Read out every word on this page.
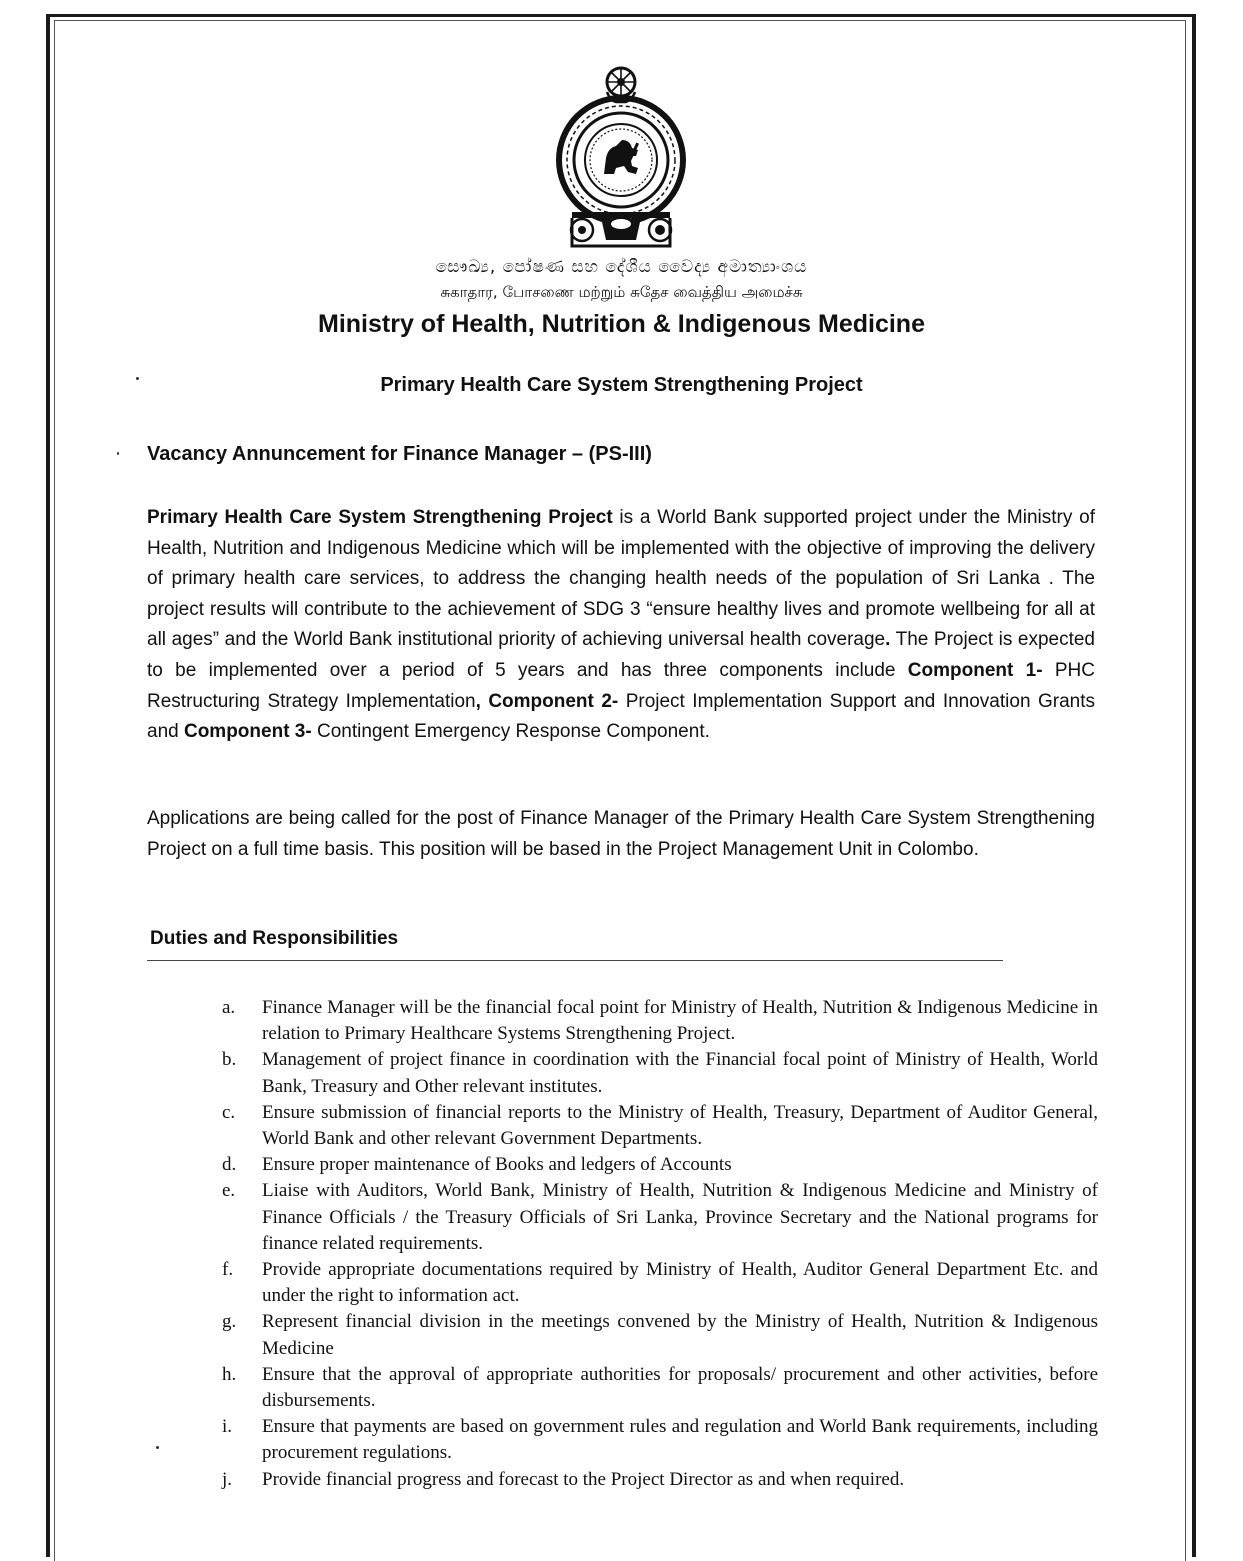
සෞඛ්‍ය, පෝෂණ සහ දේශීය වෛද්‍ය අමාත්‍යාංශය
சுகாதார, போசணை மற்றும் சுதேச வைத்திய அமைச்சு
Ministry of Health, Nutrition & Indigenous Medicine
Primary Health Care System Strengthening Project
Vacancy Annuncement for Finance Manager – (PS-III)
Primary Health Care System Strengthening Project is a World Bank supported project under the Ministry of Health, Nutrition and Indigenous Medicine which will be implemented with the objective of improving the delivery of primary health care services, to address the changing health needs of the population of Sri Lanka . The project results will contribute to the achievement of SDG 3 “ensure healthy lives and promote wellbeing for all at all ages” and the World Bank institutional priority of achieving universal health coverage. The Project is expected to be implemented over a period of 5 years and has three components include Component 1- PHC Restructuring Strategy Implementation, Component 2- Project Implementation Support and Innovation Grants and Component 3- Contingent Emergency Response Component.
Applications are being called for the post of Finance Manager of the Primary Health Care System Strengthening Project on a full time basis. This position will be based in the Project Management Unit in Colombo.
Duties and Responsibilities
a.	Finance Manager will be the financial focal point for Ministry of Health, Nutrition & Indigenous Medicine in relation to Primary Healthcare Systems Strengthening Project.
b.	Management of project finance in coordination with the Financial focal point of Ministry of Health, World Bank, Treasury and Other relevant institutes.
c.	Ensure submission of financial reports to the Ministry of Health, Treasury, Department of Auditor General, World Bank and other relevant Government Departments.
d.	Ensure proper maintenance of Books and ledgers of Accounts
e.	Liaise with Auditors, World Bank, Ministry of Health, Nutrition & Indigenous Medicine and Ministry of Finance Officials / the Treasury Officials of Sri Lanka, Province Secretary and the National programs for finance related requirements.
f.	Provide appropriate documentations required by Ministry of Health, Auditor General Department Etc. and under the right to information act.
g.	Represent financial division in the meetings convened by the Ministry of Health, Nutrition & Indigenous Medicine
h.	Ensure that the approval of appropriate authorities for proposals/ procurement and other activities, before disbursements.
i.	Ensure that payments are based on government rules and regulation and World Bank requirements, including procurement regulations.
j.	Provide financial progress and forecast to the Project Director as and when required.
